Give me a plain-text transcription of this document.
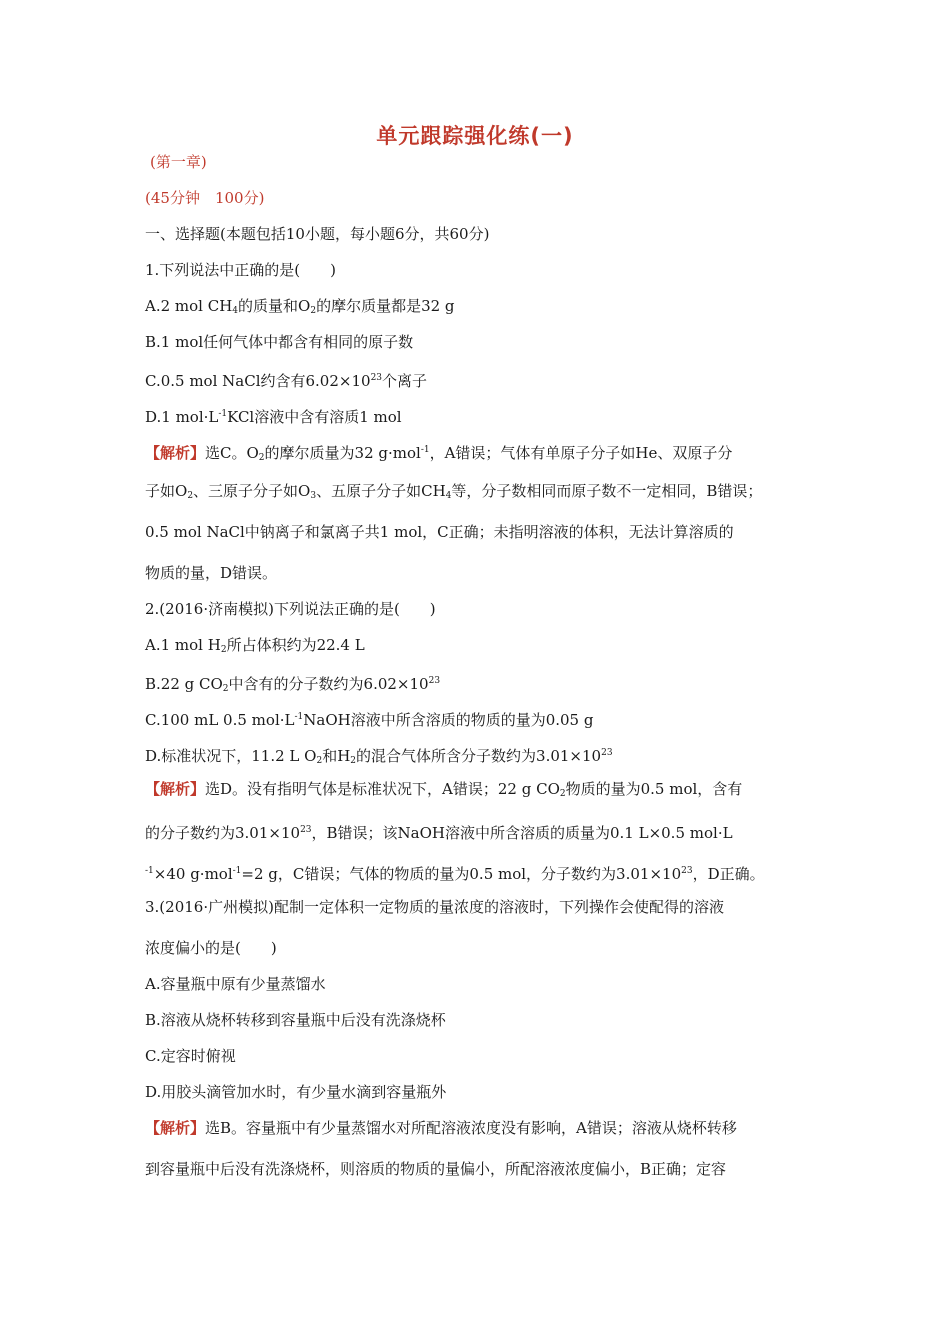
单元跟踪强化练(一)
(第一章)
(45分钟　100分)
一、选择题(本题包括10小题，每小题6分，共60分)
1.下列说法中正确的是(　　)
A.2 mol $CH_4$的质量和$O_2$的摩尔质量都是32 g
B.1 mol任何气体中都含有相同的原子数
C.0.5 mol NaCl约含有$6.02\times 10^{23}$个离子
D.1 $mol\cdot L^{-1}KCl$溶液中含有溶质1 mol
【解析】选C。$O_2$的摩尔质量为32 g·mol$^{-1}$，A错误；气体有单原子分子如He、双原子分
子如$O_2$、三原子分子如$O_3$、五原子分子如$CH_4$等，分子数相同而原子数不一定相同，B错误；
0.5 mol NaCl中钠离子和氯离子共1 mol，C正确；未指明溶液的体积，无法计算溶质的
物质的量，D错误。
2.(2016·济南模拟)下列说法正确的是(　　)
A.1 mol $H_2$所占体积约为22.4 L
B.22 g $CO_2$中含有的分子数约为$6.02\times 10^{23}$
C.100 mL 0.5 $mol\cdot L^{-1}NaOH$溶液中所含溶质的物质的量为0.05 g
D.标准状况下，11.2 L $O_2$和$H_2$的混合气体所含分子数约为$3.01\times 10^{23}$
【解析】选D。没有指明气体是标准状况下，A错误；22 g $CO_2$物质的量为0.5 mol，含有
的分子数约为$3.01\times 10^{23}$，B错误；该NaOH溶液中所含溶质的质量为0.1 L×0.5 mol·L
$^{-1}$×40 g·mol$^{-1}$=2 g，C错误；气体的物质的量为0.5 mol，分子数约为$3.01\times 10^{23}$，D正确。
3.(2016·广州模拟)配制一定体积一定物质的量浓度的溶液时，下列操作会使配得的溶液
浓度偏小的是(　　)
A.容量瓶中原有少量蒸馏水
B.溶液从烧杯转移到容量瓶中后没有洗涤烧杯
C.定容时俯视
D.用胶头滴管加水时，有少量水滴到容量瓶外
【解析】选B。容量瓶中有少量蒸馏水对所配溶液浓度没有影响，A错误；溶液从烧杯转移
到容量瓶中后没有洗涤烧杯，则溶质的物质的量偏小，所配溶液浓度偏小，B正确；定容
